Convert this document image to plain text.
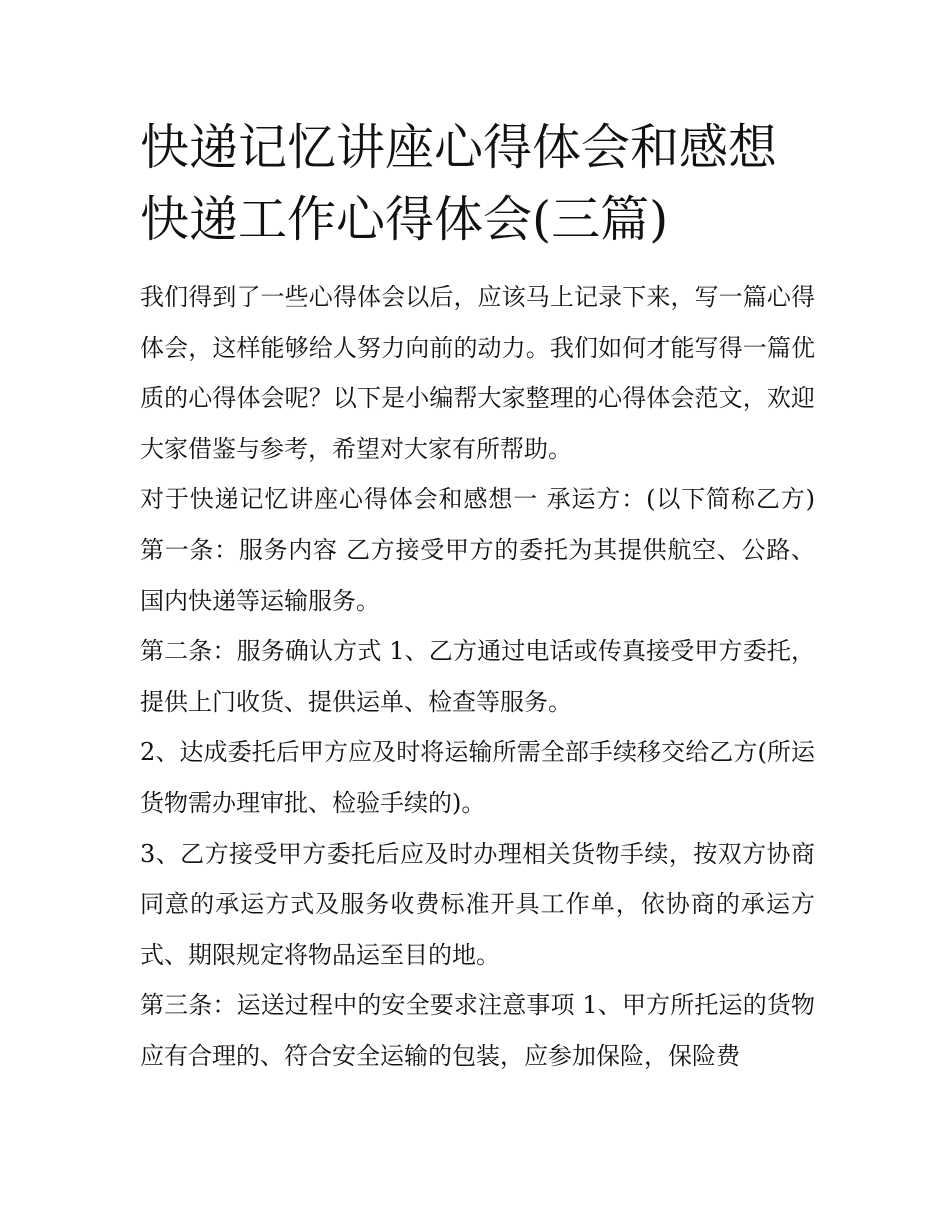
快递记忆讲座心得体会和感想快递工作心得体会(三篇)

我们得到了一些心得体会以后，应该马上记录下来，写一篇心得体会，这样能够给人努力向前的动力。我们如何才能写得一篇优质的心得体会呢？以下是小编帮大家整理的心得体会范文，欢迎大家借鉴与参考，希望对大家有所帮助。

对于快递记忆讲座心得体会和感想一 承运方：(以下简称乙方) 第一条：服务内容 乙方接受甲方的委托为其提供航空、公路、国内快递等运输服务。

第二条：服务确认方式 1、乙方通过电话或传真接受甲方委托，提供上门收货、提供运单、检查等服务。

2、达成委托后甲方应及时将运输所需全部手续移交给乙方(所运货物需办理审批、检验手续的)。

3、乙方接受甲方委托后应及时办理相关货物手续，按双方协商同意的承运方式及服务收费标准开具工作单，依协商的承运方式、期限规定将物品运至目的地。

第三条：运送过程中的安全要求注意事项 1、甲方所托运的货物应有合理的、符合安全运输的包装，应参加保险，保险费
